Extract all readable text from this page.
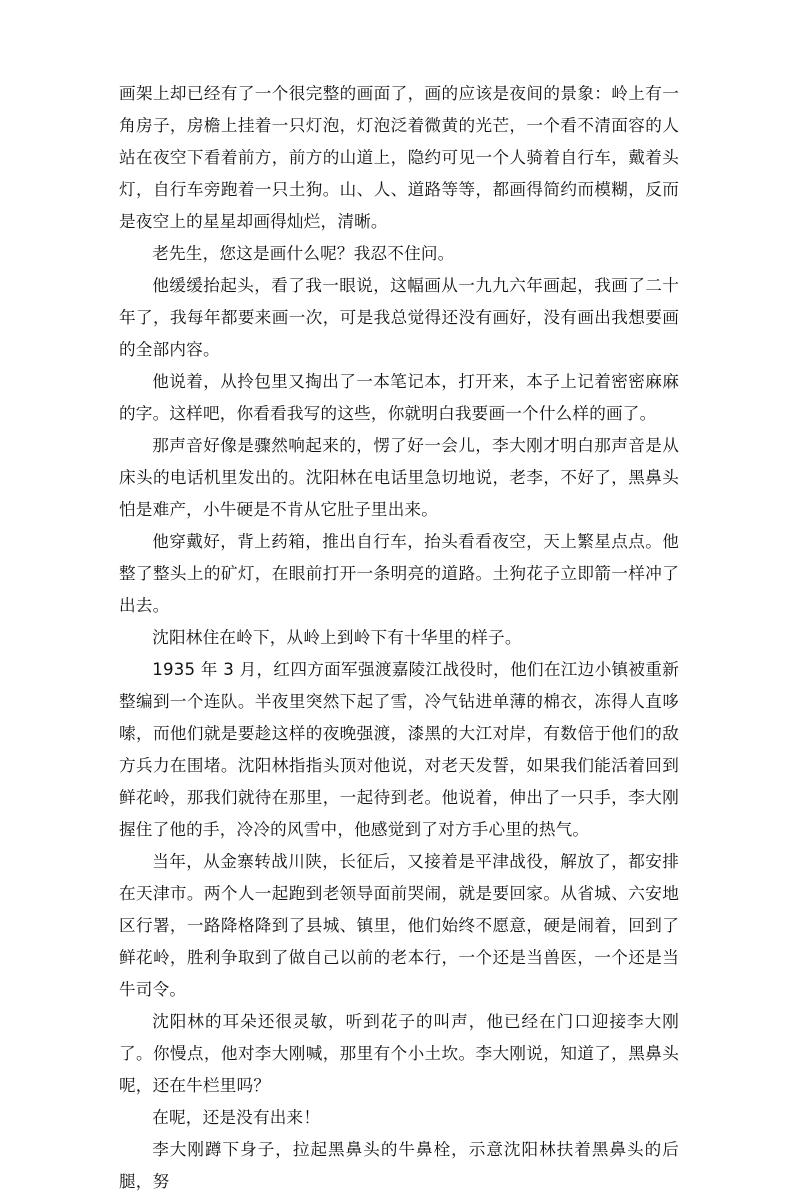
画架上却已经有了一个很完整的画面了，画的应该是夜间的景象：岭上有一角房子，房檐上挂着一只灯泡，灯泡泛着微黄的光芒，一个看不清面容的人站在夜空下看着前方，前方的山道上，隐约可见一个人骑着自行车，戴着头灯，自行车旁跑着一只土狗。山、人、道路等等，都画得简约而模糊，反而是夜空上的星星却画得灿烂，清晰。

老先生，您这是画什么呢？我忍不住问。

他缓缓抬起头，看了我一眼说，这幅画从一九九六年画起，我画了二十年了，我每年都要来画一次，可是我总觉得还没有画好，没有画出我想要画的全部内容。

他说着，从拎包里又掏出了一本笔记本，打开来，本子上记着密密麻麻的字。这样吧，你看看我写的这些，你就明白我要画一个什么样的画了。

那声音好像是骤然响起来的，愣了好一会儿，李大刚才明白那声音是从床头的电话机里发出的。沈阳林在电话里急切地说，老李，不好了，黑鼻头怕是难产，小牛硬是不肯从它肚子里出来。

他穿戴好，背上药箱，推出自行车，抬头看看夜空，天上繁星点点。他整了整头上的矿灯，在眼前打开一条明亮的道路。土狗花子立即箭一样冲了出去。

沈阳林住在岭下，从岭上到岭下有十华里的样子。

1935 年 3 月，红四方面军强渡嘉陵江战役时，他们在江边小镇被重新整编到一个连队。半夜里突然下起了雪，冷气钻进单薄的棉衣，冻得人直哆嗦，而他们就是要趁这样的夜晚强渡，漆黑的大江对岸，有数倍于他们的敌方兵力在围堵。沈阳林指指头顶对他说，对老天发誓，如果我们能活着回到鲜花岭，那我们就待在那里，一起待到老。他说着，伸出了一只手，李大刚握住了他的手，冷冷的风雪中，他感觉到了对方手心里的热气。

当年，从金寨转战川陕，长征后，又接着是平津战役，解放了，都安排在天津市。两个人一起跑到老领导面前哭闹，就是要回家。从省城、六安地区行署，一路降格降到了县城、镇里，他们始终不愿意，硬是闹着，回到了鲜花岭，胜利争取到了做自己以前的老本行，一个还是当兽医，一个还是当牛司令。

沈阳林的耳朵还很灵敏，听到花子的叫声，他已经在门口迎接李大刚了。你慢点，他对李大刚喊，那里有个小土坎。李大刚说，知道了，黑鼻头呢，还在牛栏里吗？

在呢，还是没有出来！

李大刚蹲下身子，拉起黑鼻头的牛鼻栓，示意沈阳林扶着黑鼻头的后腿，努
